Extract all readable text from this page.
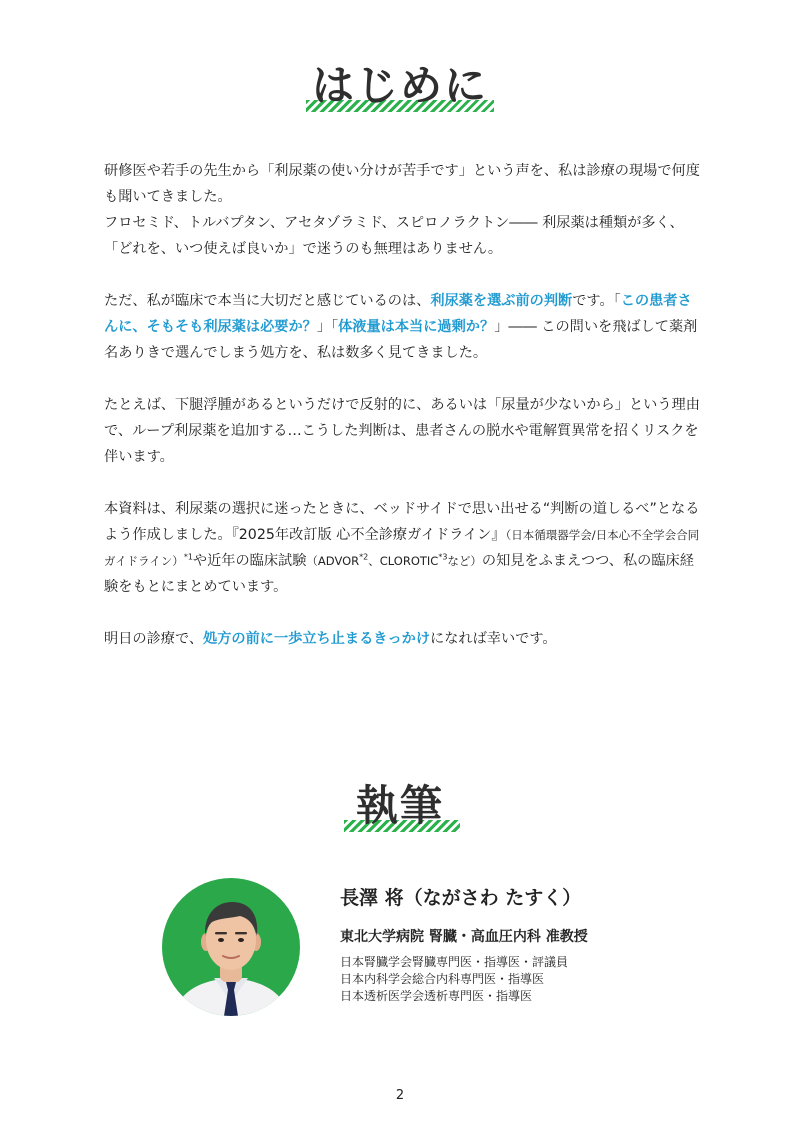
はじめに

研修医や若手の先生から「利尿薬の使い分けが苦手です」という声を、私は診療の現場で何度も聞いてきました。
フロセミド、トルバプタン、アセタゾラミド、スピロノラクトン―― 利尿薬は種類が多く、「どれを、いつ使えば良いか」で迷うのも無理はありません。

ただ、私が臨床で本当に大切だと感じているのは、利尿薬を選ぶ前の判断です。「この患者さんに、そもそも利尿薬は必要か？」「体液量は本当に過剰か？」―― この問いを飛ばして薬剤名ありきで選んでしまう処方を、私は数多く見てきました。

たとえば、下腿浮腫があるというだけで反射的に、あるいは「尿量が少ないから」という理由で、ループ利尿薬を追加する…こうした判断は、患者さんの脱水や電解質異常を招くリスクを伴います。

本資料は、利尿薬の選択に迷ったときに、ベッドサイドで思い出せる“判断の道しるべ”となるよう作成しました。『2025年改訂版 心不全診療ガイドライン』（日本循環器学会/日本心不全学会合同ガイドライン）$^{*1}$や近年の臨床試験（ADVOR$^{*2}$、CLOROTIC$^{*3}$など）の知見をふまえつつ、私の臨床経験をもとにまとめています。

明日の診療で、処方の前に一歩立ち止まるきっかけになれば幸いです。

執筆
長澤 将（ながさわ たすく）
東北大学病院 腎臓・高血圧内科 准教授
日本腎臓学会腎臓専門医・指導医・評議員
日本内科学会総合内科専門医・指導医
日本透析医学会透析専門医・指導医
2
